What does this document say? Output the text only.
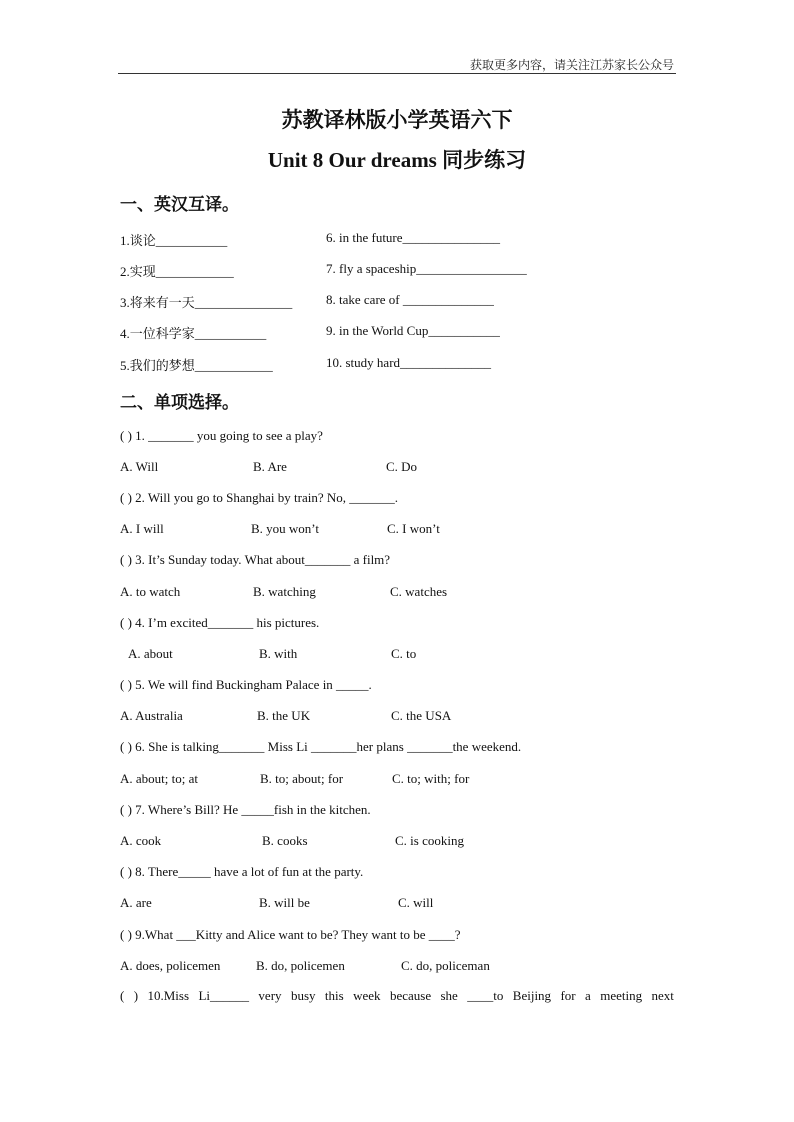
获取更多内容，请关注江苏家长公众号
苏教译林版小学英语六下
Unit 8 Our dreams 同步练习
一、英汉互译。
1.谈论___________
2.实现____________
3.将来有一天_______________
4.一位科学家___________
5.我们的梦想____________
6. in the future_______________
7. fly a spaceship_________________
8. take care of ______________
9. in the World Cup___________
10. study hard______________
二、单项选择。
( ) 1. _______ you going to see a play?
A. Will	B. Are	C. Do
( ) 2. Will you go to Shanghai by train? No, _______.
A. I will	B. you won’t	C. I won’t
( ) 3. It’s Sunday today. What about_______ a film?
A. to watch	B. watching	C. watches
( ) 4. I’m excited_______ his pictures.
A. about	B. with	C. to
( ) 5. We will find Buckingham Palace in _____.
A. Australia	B. the UK	C. the USA
( ) 6. She is talking_______ Miss Li _______her plans _______the weekend.
A. about; to; at	B. to; about; for	C. to; with; for
( ) 7. Where’s Bill? He _____fish in the kitchen.
A. cook	B. cooks	C. is cooking
( ) 8. There_____ have a lot of fun at the party.
A. are	B. will be	C. will
( ) 9.What ___Kitty and Alice want to be? They want to be ____?
A. does, policemen	B. do, policemen	C. do, policeman
( ) 10.Miss Li______ very busy this week because she ____to Beijing for a meeting next
